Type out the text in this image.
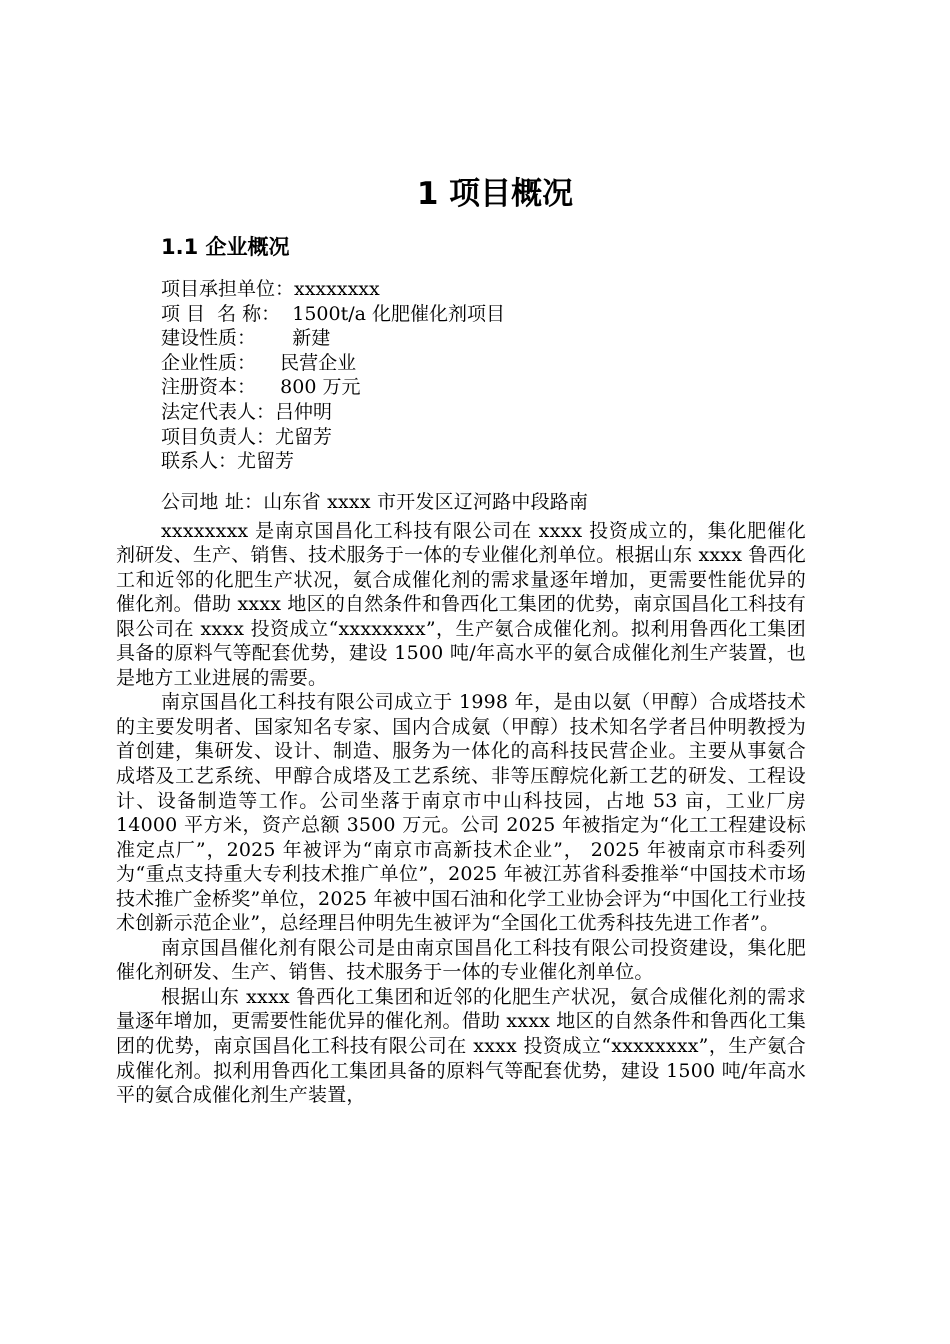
1 项目概况
1.1 企业概况
项目承担单位：xxxxxxxx
项 目  名 称：  1500t/a 化肥催化剂项目
建设性质：      新建
企业性质：    民营企业
注册资本：    800 万元
法定代表人：吕仲明
项目负责人：尤留芳
联系人：尤留芳

公司地 址：山东省 xxxx 市开发区辽河路中段路南

xxxxxxxx 是南京国昌化工科技有限公司在 xxxx 投资成立的，集化肥催化剂研发、生产、销售、技术服务于一体的专业催化剂单位。根据山东 xxxx 鲁西化工和近邻的化肥生产状况，氨合成催化剂的需求量逐年增加，更需要性能优异的催化剂。借助 xxxx 地区的自然条件和鲁西化工集团的优势，南京国昌化工科技有限公司在 xxxx 投资成立“xxxxxxxx”，生产氨合成催化剂。拟利用鲁西化工集团具备的原料气等配套优势，建设 1500 吨/年高水平的氨合成催化剂生产装置，也是地方工业进展的需要。

南京国昌化工科技有限公司成立于 1998 年，是由以氨（甲醇）合成塔技术的主要发明者、国家知名专家、国内合成氨（甲醇）技术知名学者吕仲明教授为首创建，集研发、设计、制造、服务为一体化的高科技民营企业。主要从事氨合成塔及工艺系统、甲醇合成塔及工艺系统、非等压醇烷化新工艺的研发、工程设计、设备制造等工作。公司坐落于南京市中山科技园，占地 53 亩，工业厂房 14000 平方米，资产总额 3500 万元。公司 2025 年被指定为“化工工程建设标准定点厂”，2025 年被评为“南京市高新技术企业”， 2025 年被南京市科委列为“重点支持重大专利技术推广单位”，2025 年被江苏省科委推举“中国技术市场技术推广金桥奖”单位，2025 年被中国石油和化学工业协会评为“中国化工行业技术创新示范企业”，总经理吕仲明先生被评为“全国化工优秀科技先进工作者”。

南京国昌催化剂有限公司是由南京国昌化工科技有限公司投资建设，集化肥催化剂研发、生产、销售、技术服务于一体的专业催化剂单位。

根据山东 xxxx 鲁西化工集团和近邻的化肥生产状况，氨合成催化剂的需求量逐年增加，更需要性能优异的催化剂。借助 xxxx 地区的自然条件和鲁西化工集团的优势，南京国昌化工科技有限公司在 xxxx 投资成立“xxxxxxxx”，生产氨合成催化剂。拟利用鲁西化工集团具备的原料气等配套优势，建设 1500 吨/年高水平的氨合成催化剂生产装置，
